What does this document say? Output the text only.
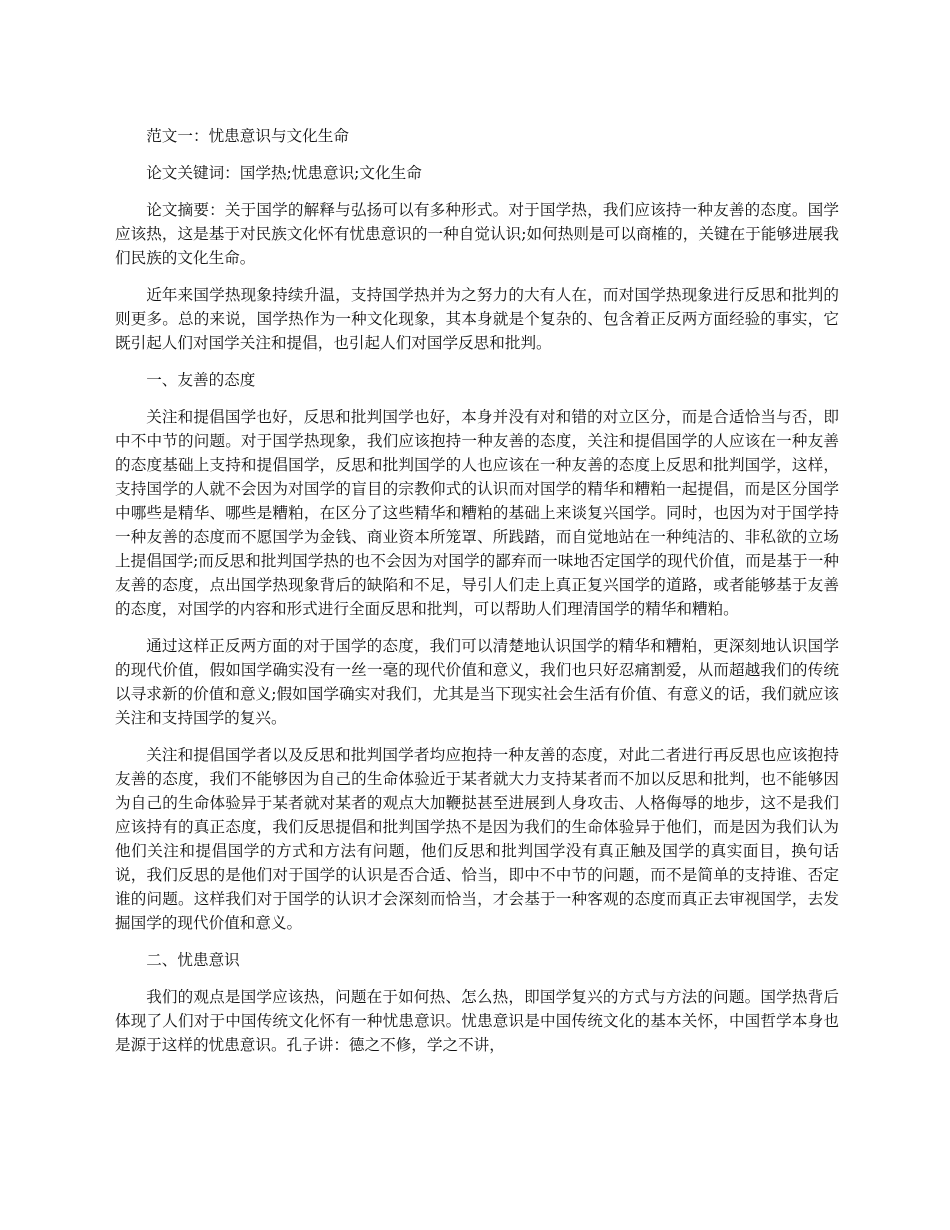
范文一：忧患意识与文化生命

论文关键词：国学热;忧患意识;文化生命

论文摘要：关于国学的解释与弘扬可以有多种形式。对于国学热，我们应该持一种友善的态度。国学应该热，这是基于对民族文化怀有忧患意识的一种自觉认识;如何热则是可以商榷的，关键在于能够进展我们民族的文化生命。

近年来国学热现象持续升温，支持国学热并为之努力的大有人在，而对国学热现象进行反思和批判的则更多。总的来说，国学热作为一种文化现象，其本身就是个复杂的、包含着正反两方面经验的事实，它既引起人们对国学关注和提倡，也引起人们对国学反思和批判。

一、友善的态度

关注和提倡国学也好，反思和批判国学也好，本身并没有对和错的对立区分，而是合适恰当与否，即中不中节的问题。对于国学热现象，我们应该抱持一种友善的态度，关注和提倡国学的人应该在一种友善的态度基础上支持和提倡国学，反思和批判国学的人也应该在一种友善的态度上反思和批判国学，这样，支持国学的人就不会因为对国学的盲目的宗教仰式的认识而对国学的精华和糟粕一起提倡，而是区分国学中哪些是精华、哪些是糟粕，在区分了这些精华和糟粕的基础上来谈复兴国学。同时，也因为对于国学持一种友善的态度而不愿国学为金钱、商业资本所笼罩、所践踏，而自觉地站在一种纯洁的、非私欲的立场上提倡国学;而反思和批判国学热的也不会因为对国学的鄙弃而一味地否定国学的现代价值，而是基于一种友善的态度，点出国学热现象背后的缺陷和不足，导引人们走上真正复兴国学的道路，或者能够基于友善的态度，对国学的内容和形式进行全面反思和批判，可以帮助人们理清国学的精华和糟粕。

通过这样正反两方面的对于国学的态度，我们可以清楚地认识国学的精华和糟粕，更深刻地认识国学的现代价值，假如国学确实没有一丝一毫的现代价值和意义，我们也只好忍痛割爱，从而超越我们的传统以寻求新的价值和意义;假如国学确实对我们，尤其是当下现实社会生活有价值、有意义的话，我们就应该关注和支持国学的复兴。

关注和提倡国学者以及反思和批判国学者均应抱持一种友善的态度，对此二者进行再反思也应该抱持友善的态度，我们不能够因为自己的生命体验近于某者就大力支持某者而不加以反思和批判，也不能够因为自己的生命体验异于某者就对某者的观点大加鞭挞甚至进展到人身攻击、人格侮辱的地步，这不是我们应该持有的真正态度，我们反思提倡和批判国学热不是因为我们的生命体验异于他们，而是因为我们认为他们关注和提倡国学的方式和方法有问题，他们反思和批判国学没有真正触及国学的真实面目，换句话说，我们反思的是他们对于国学的认识是否合适、恰当，即中不中节的问题，而不是简单的支持谁、否定谁的问题。这样我们对于国学的认识才会深刻而恰当，才会基于一种客观的态度而真正去审视国学，去发掘国学的现代价值和意义。

二、忧患意识

我们的观点是国学应该热，问题在于如何热、怎么热，即国学复兴的方式与方法的问题。国学热背后体现了人们对于中国传统文化怀有一种忧患意识。忧患意识是中国传统文化的基本关怀，中国哲学本身也是源于这样的忧患意识。孔子讲：德之不修，学之不讲，
